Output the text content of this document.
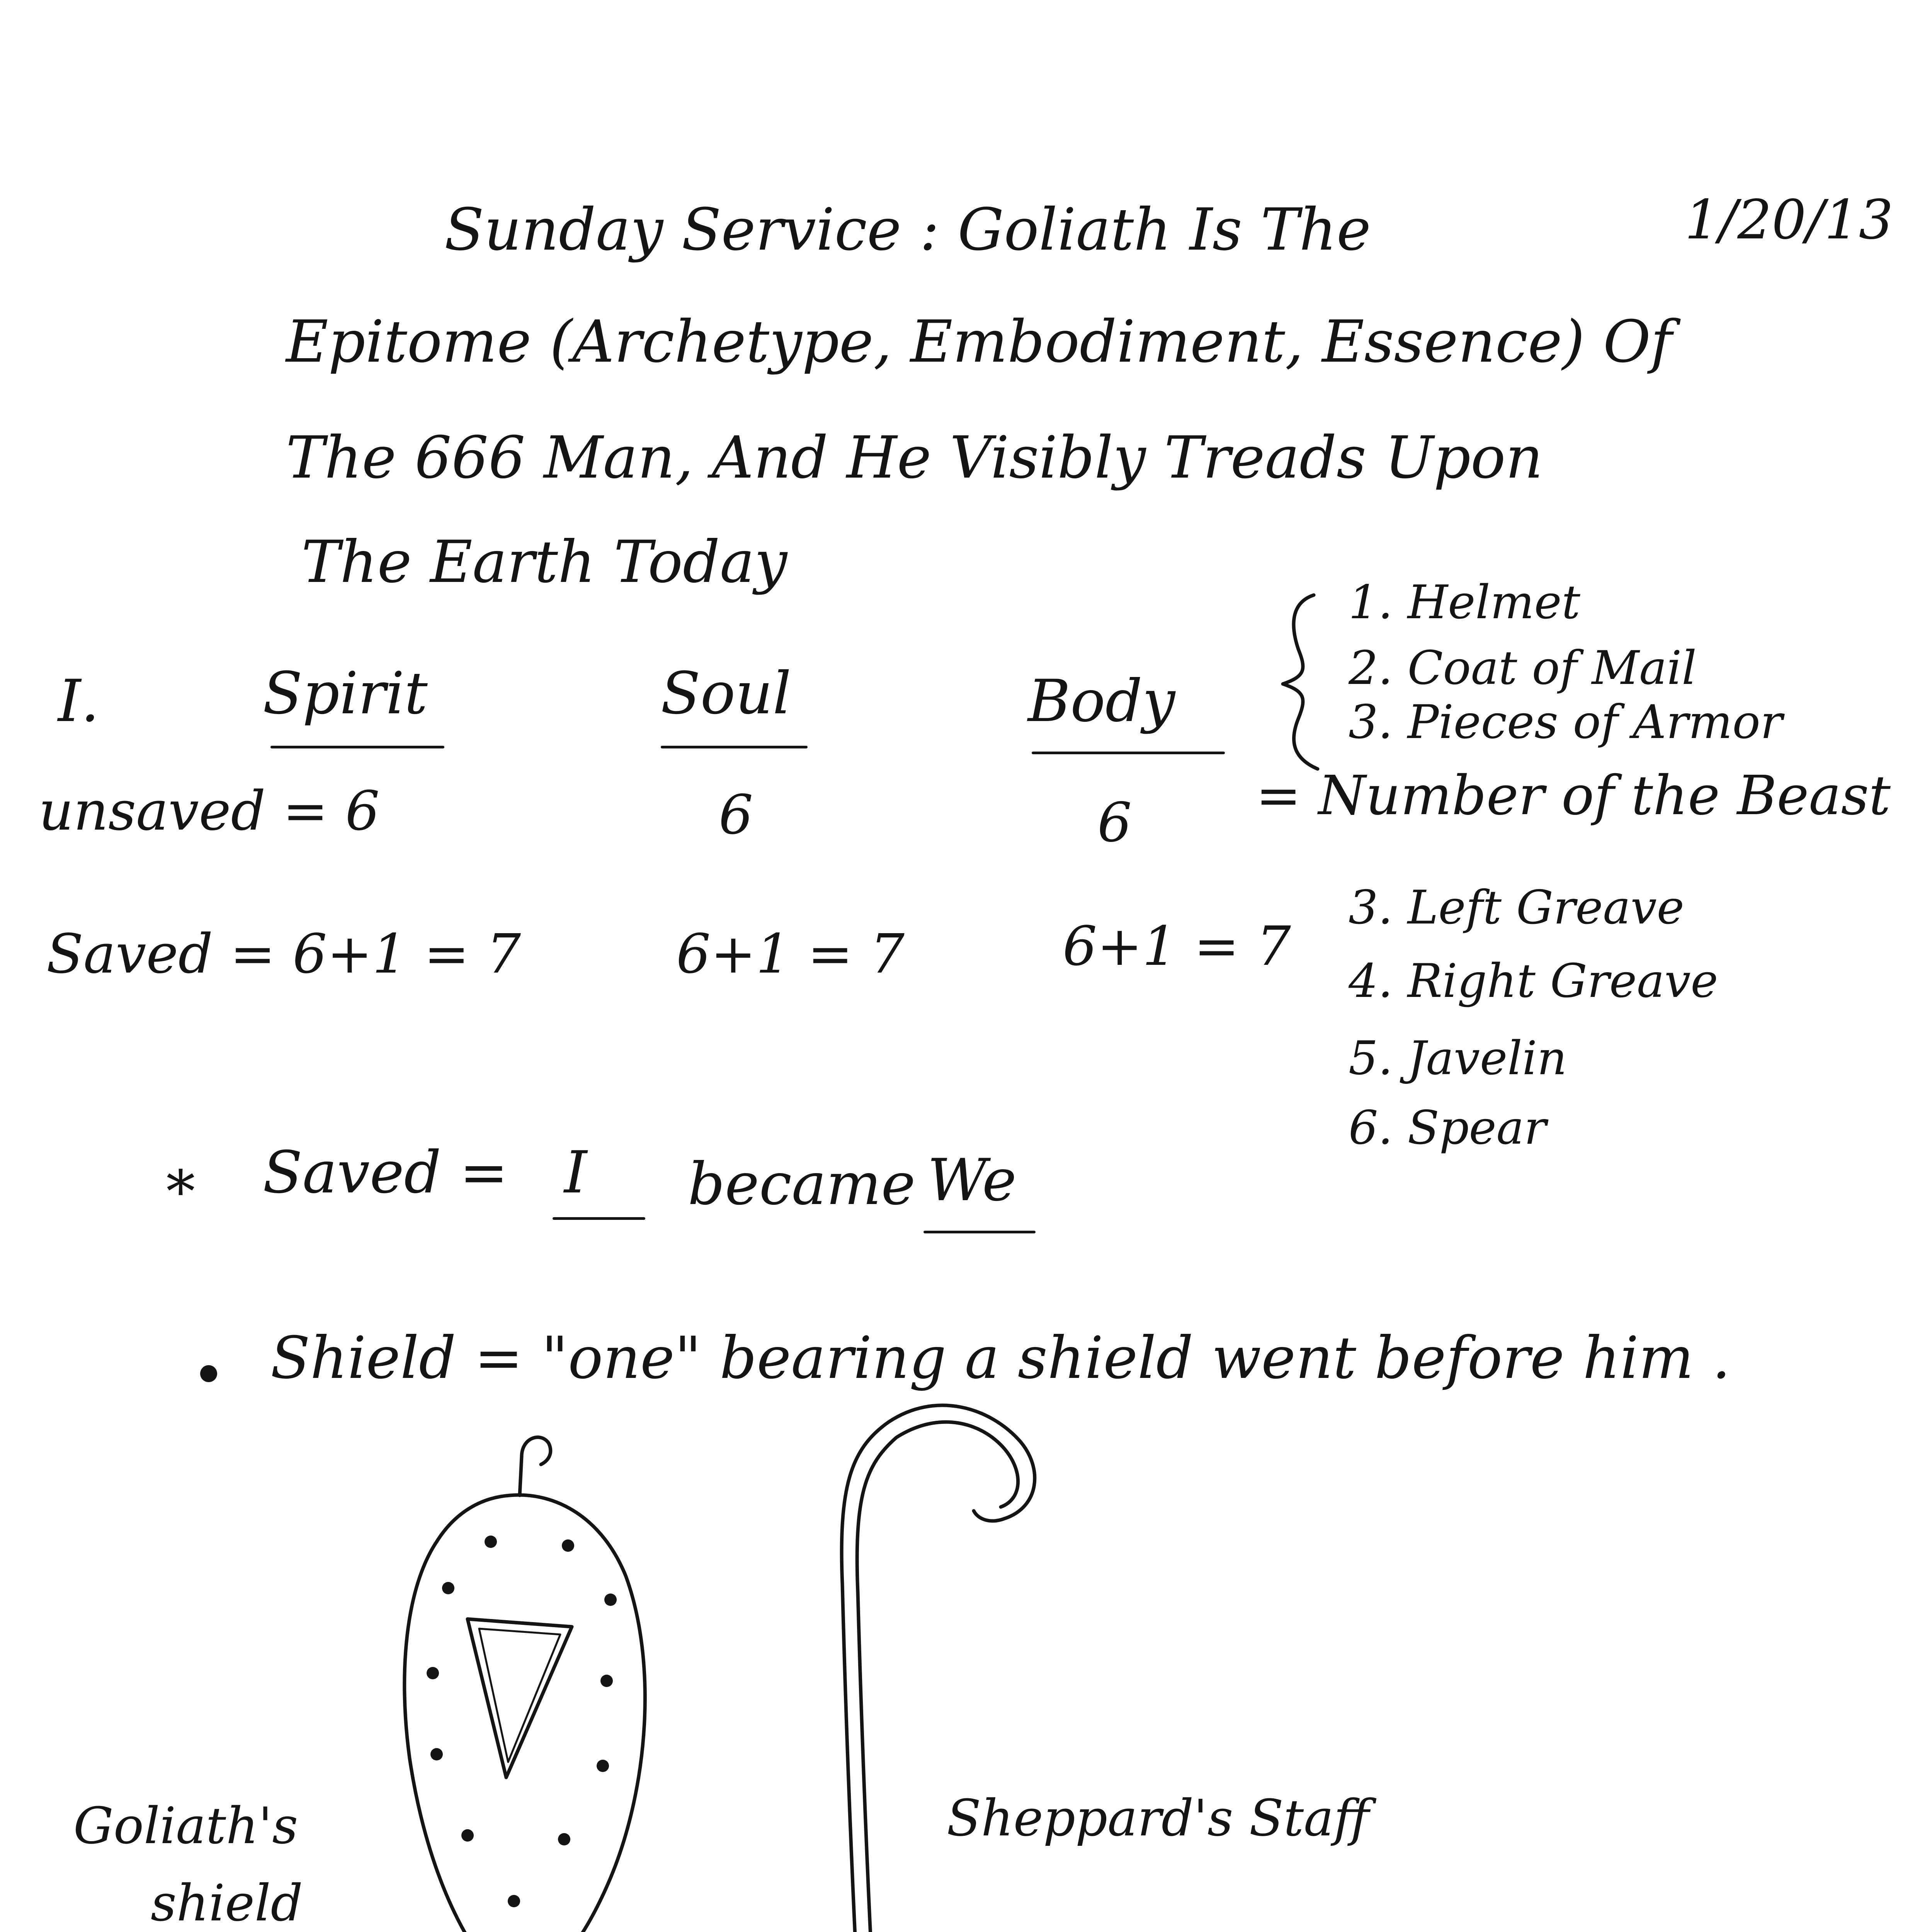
Sunday Service : Goliath Is The	1/20/13
Epitome (Archetype, Embodiment, Essence) Of
The 666 Man, And He Visibly Treads Upon
The Earth Today
I.	Spirit	Soul	Body
1. Helmet
2. Coat of Mail
3. Pieces of Armor
unsaved = 6	6	6 = Number of the Beast
Saved = 6+1 = 7	6+1 = 7	6+1 = 7
3. Left Greave
4. Right Greave
5. Javelin
6. Spear
* Saved = I became We
Shield = "one" bearing a shield went before him .
Goliath's
shield
Sheppard's Staff
